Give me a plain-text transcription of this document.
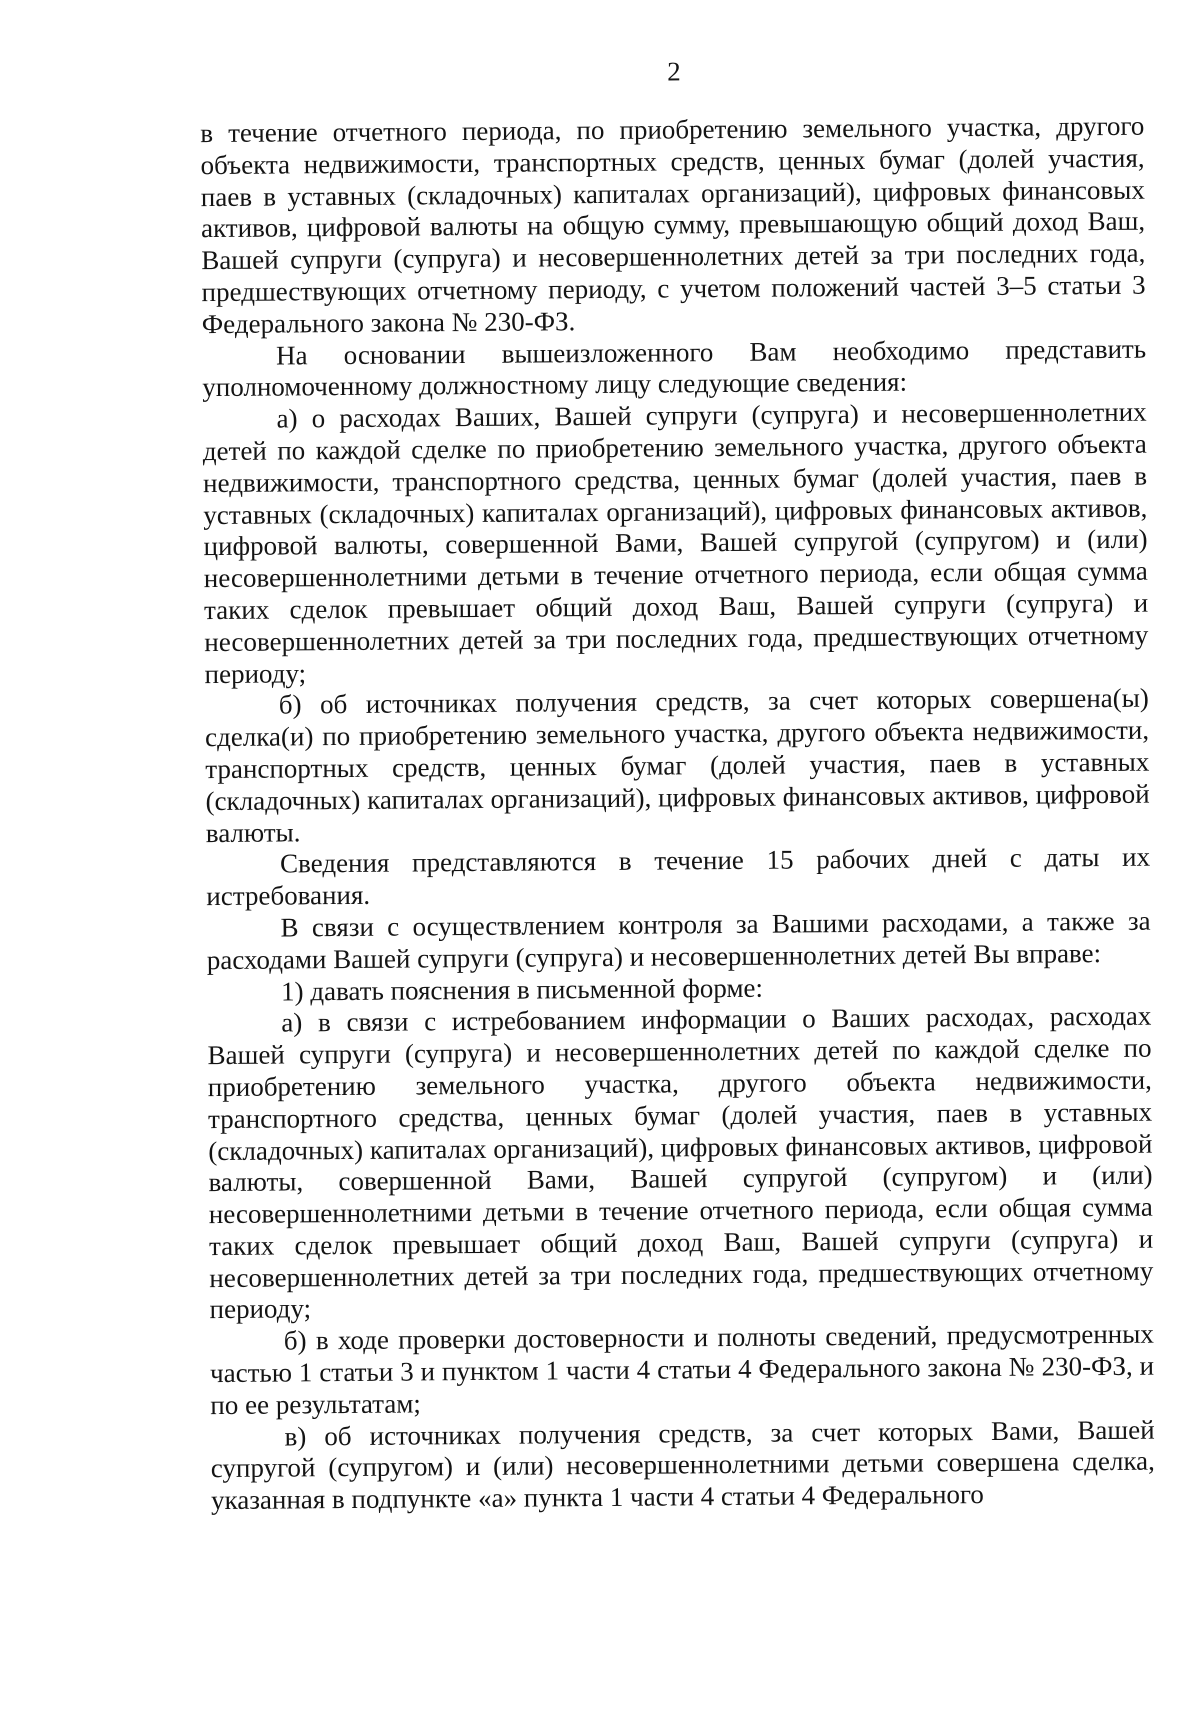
2

в течение отчетного периода, по приобретению земельного участка, другого объекта недвижимости, транспортных средств, ценных бумаг (долей участия, паев в уставных (складочных) капиталах организаций), цифровых финансовых активов, цифровой валюты на общую сумму, превышающую общий доход Ваш, Вашей супруги (супруга) и несовершеннолетних детей за три последних года, предшествующих отчетному периоду, с учетом положений частей 3–5 статьи 3 Федерального закона № 230-ФЗ.

На основании вышеизложенного Вам необходимо представить уполномоченному должностному лицу следующие сведения:

а) о расходах Ваших, Вашей супруги (супруга) и несовершеннолетних детей по каждой сделке по приобретению земельного участка, другого объекта недвижимости, транспортного средства, ценных бумаг (долей участия, паев в уставных (складочных) капиталах организаций), цифровых финансовых активов, цифровой валюты, совершенной Вами, Вашей супругой (супругом) и (или) несовершеннолетними детьми в течение отчетного периода, если общая сумма таких сделок превышает общий доход Ваш, Вашей супруги (супруга) и несовершеннолетних детей за три последних года, предшествующих отчетному периоду;

б) об источниках получения средств, за счет которых совершена(ы) сделка(и) по приобретению земельного участка, другого объекта недвижимости, транспортных средств, ценных бумаг (долей участия, паев в уставных (складочных) капиталах организаций), цифровых финансовых активов, цифровой валюты.

Сведения представляются в течение 15 рабочих дней с даты их истребования.

В связи с осуществлением контроля за Вашими расходами, а также за расходами Вашей супруги (супруга) и несовершеннолетних детей Вы вправе:

1) давать пояснения в письменной форме:

а) в связи с истребованием информации о Ваших расходах, расходах Вашей супруги (супруга) и несовершеннолетних детей по каждой сделке по приобретению земельного участка, другого объекта недвижимости, транспортного средства, ценных бумаг (долей участия, паев в уставных (складочных) капиталах организаций), цифровых финансовых активов, цифровой валюты, совершенной Вами, Вашей супругой (супругом) и (или) несовершеннолетними детьми в течение отчетного периода, если общая сумма таких сделок превышает общий доход Ваш, Вашей супруги (супруга) и несовершеннолетних детей за три последних года, предшествующих отчетному периоду;

б) в ходе проверки достоверности и полноты сведений, предусмотренных частью 1 статьи 3 и пунктом 1 части 4 статьи 4 Федерального закона № 230-ФЗ, и по ее результатам;

в) об источниках получения средств, за счет которых Вами, Вашей супругой (супругом) и (или) несовершеннолетними детьми совершена сделка, указанная в подпункте «а» пункта 1 части 4 статьи 4 Федерального
